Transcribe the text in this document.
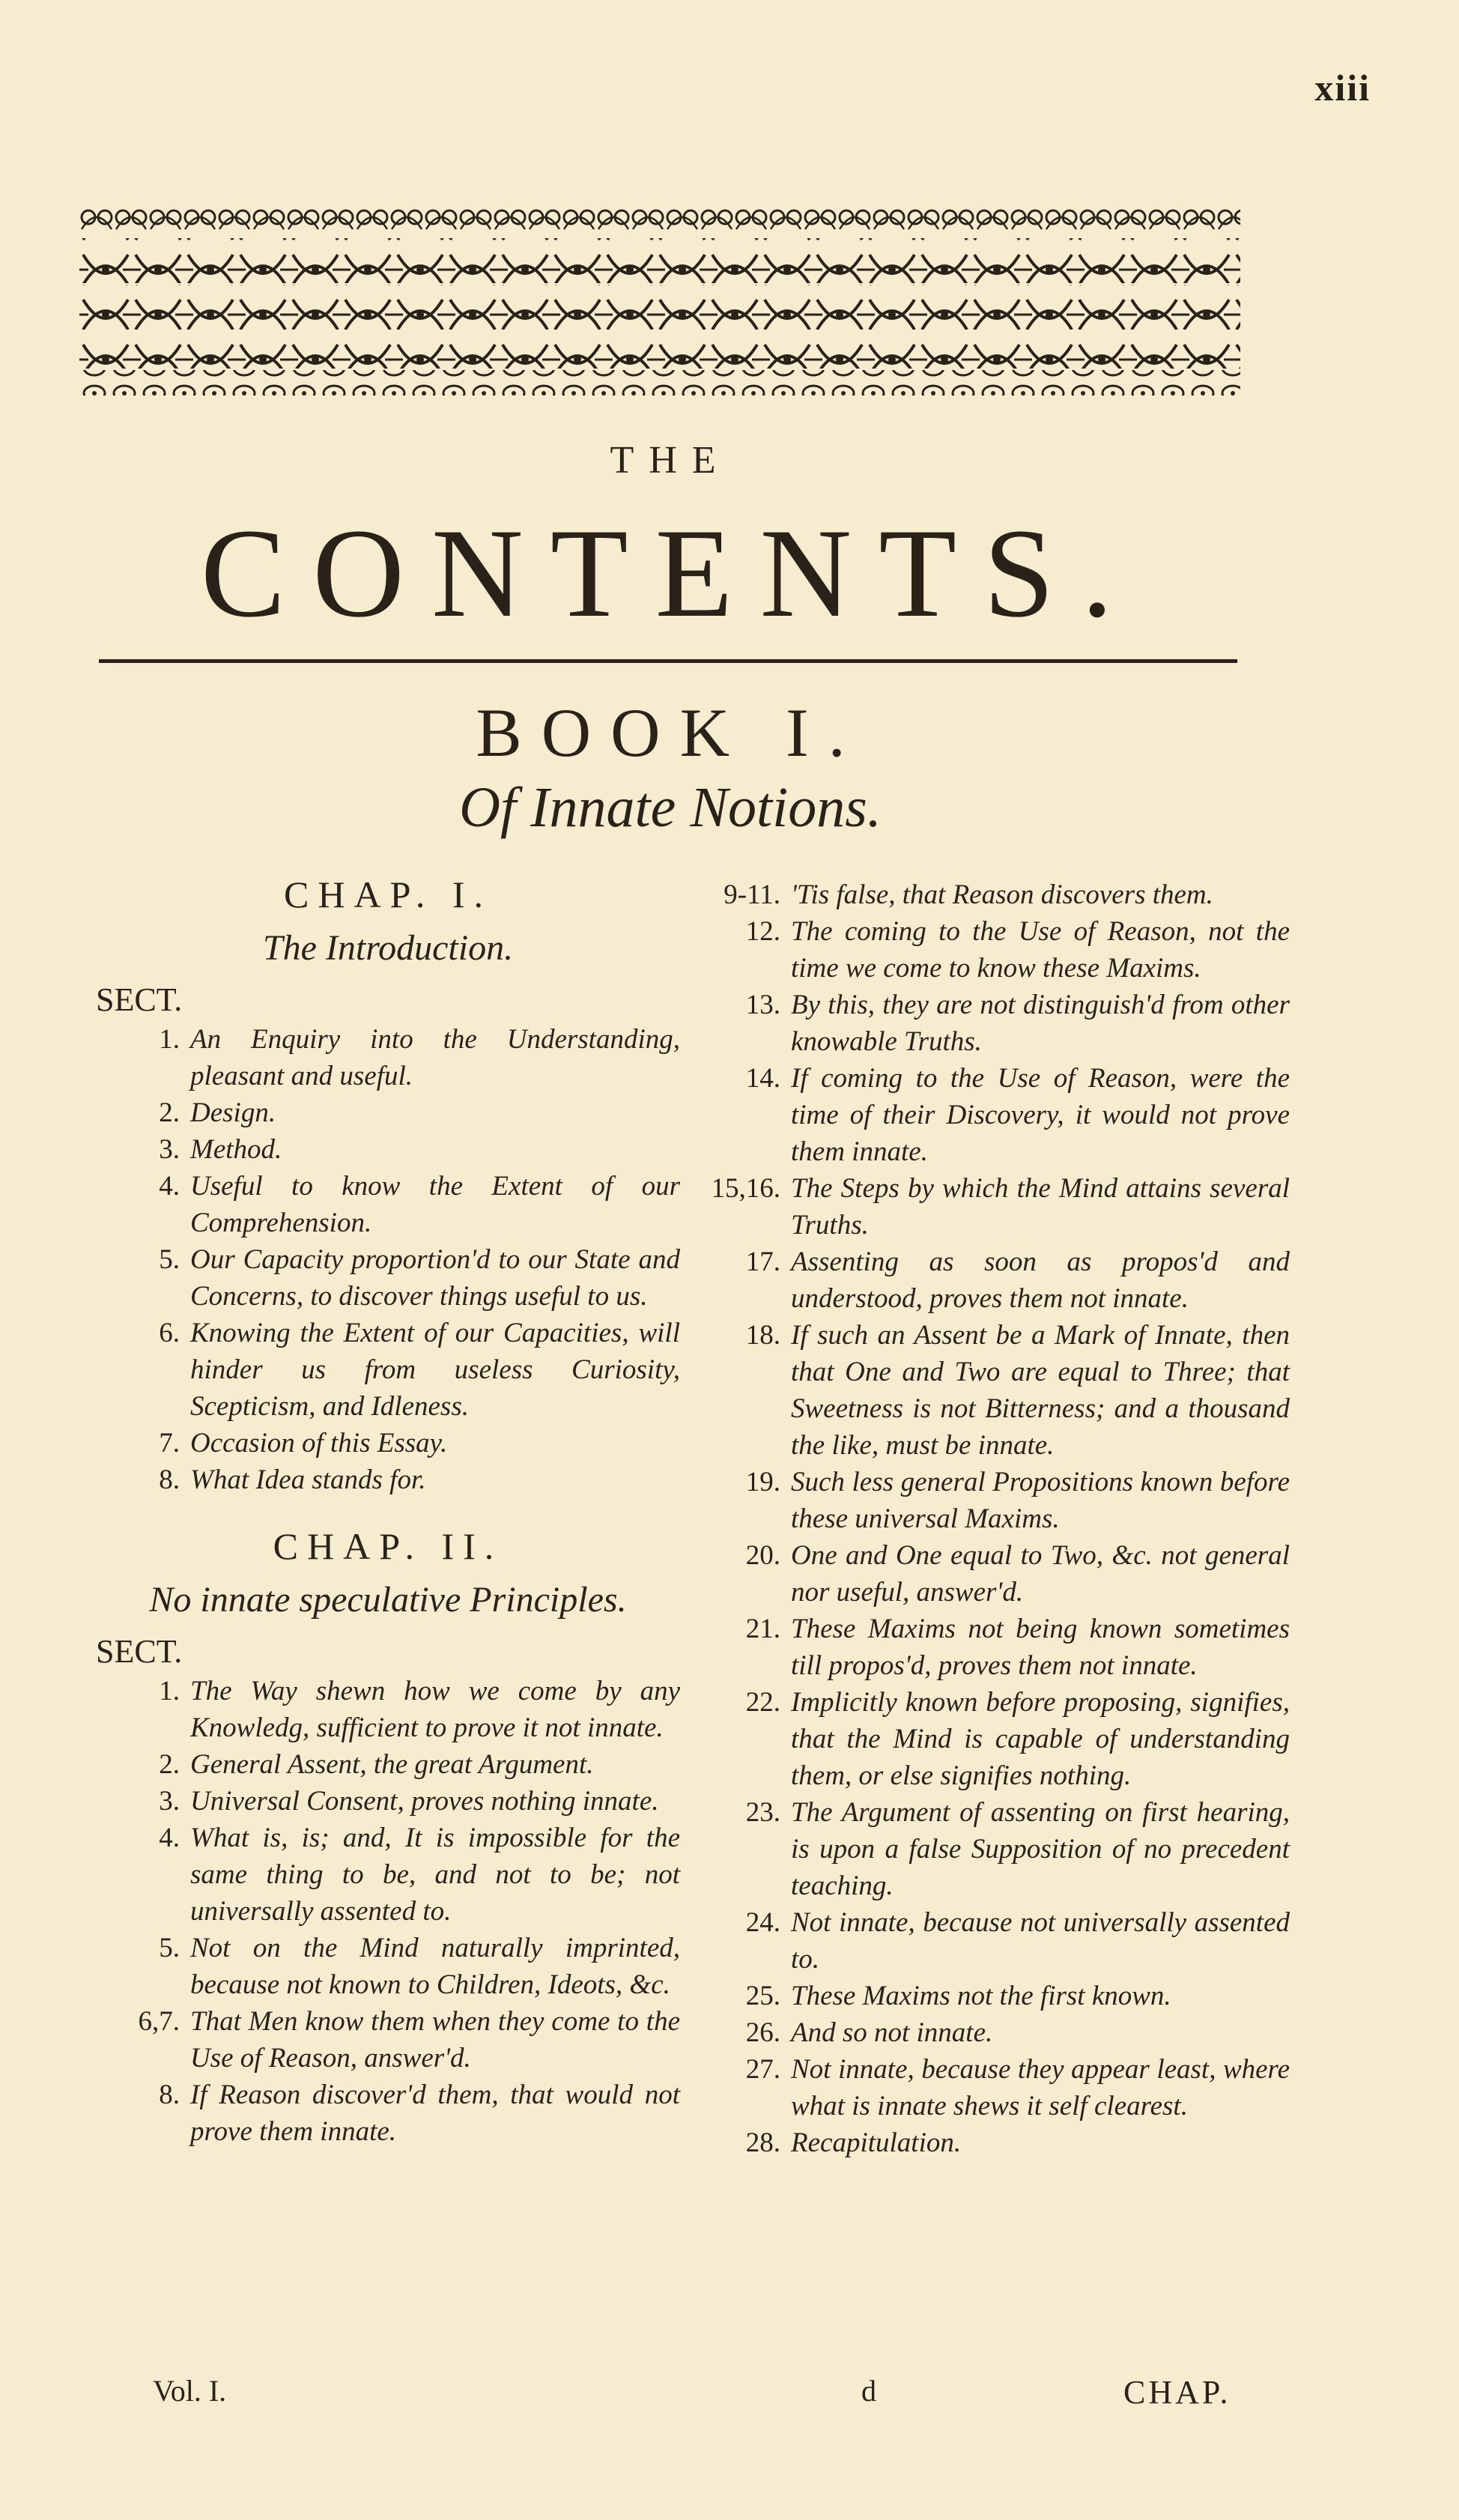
xiii
THE
CONTENTS.
BOOK I.
Of Innate Notions.
CHAP. I.
The Introduction.
SECT.
1. An Enquiry into the Understanding, pleasant and useful.
2. Design.
3. Method.
4. Useful to know the Extent of our Comprehension.
5. Our Capacity proportion'd to our State and Concerns, to discover things useful to us.
6. Knowing the Extent of our Capacities, will hinder us from useless Curiosity, Scepticism, and Idleness.
7. Occasion of this Essay.
8. What Idea stands for.
CHAP. II.
No innate speculative Principles.
SECT.
1. The Way shewn how we come by any Knowledg, sufficient to prove it not innate.
2. General Assent, the great Argument.
3. Universal Consent, proves nothing innate.
4. What is, is; and, It is impossible for the same thing to be, and not to be; not universally assented to.
5. Not on the Mind naturally imprinted, because not known to Children, Ideots, &c.
6,7. That Men know them when they come to the Use of Reason, answer'd.
8. If Reason discover'd them, that would not prove them innate.
9-11. 'Tis false, that Reason discovers them.
12. The coming to the Use of Reason, not the time we come to know these Maxims.
13. By this, they are not distinguish'd from other knowable Truths.
14. If coming to the Use of Reason, were the time of their Discovery, it would not prove them innate.
15,16. The Steps by which the Mind attains several Truths.
17. Assenting as soon as propos'd and understood, proves them not innate.
18. If such an Assent be a Mark of Innate, then that One and Two are equal to Three; that Sweetness is not Bitterness; and a thousand the like, must be innate.
19. Such less general Propositions known before these universal Maxims.
20. One and One equal to Two, &c. not general nor useful, answer'd.
21. These Maxims not being known sometimes till propos'd, proves them not innate.
22. Implicitly known before proposing, signifies, that the Mind is capable of understanding them, or else signifies nothing.
23. The Argument of assenting on first hearing, is upon a false Supposition of no precedent teaching.
24. Not innate, because not universally assented to.
25. These Maxims not the first known.
26. And so not innate.
27. Not innate, because they appear least, where what is innate shews it self clearest.
28. Recapitulation.
Vol. I.	d	CHAP.
